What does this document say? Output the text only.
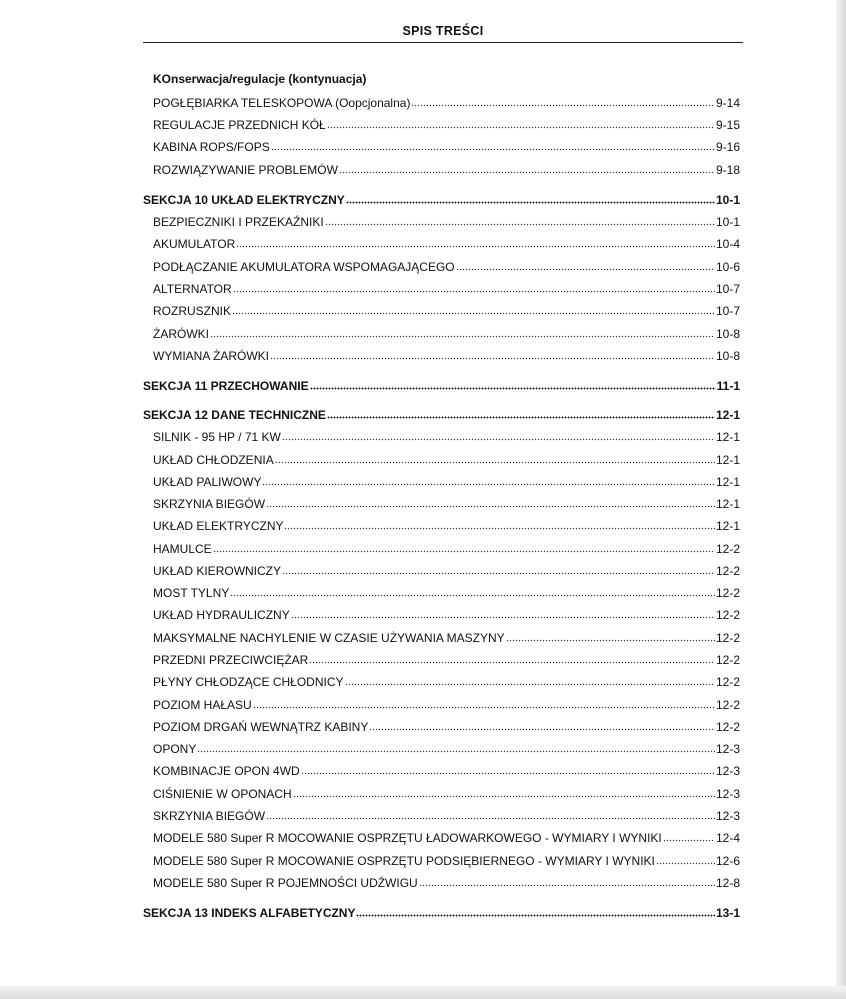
SPIS TREŚCI
KOnserwacja/regulacje (kontynuacja)
POGŁĘBIARKA TELESKOPOWA (Oopcjonalna)	9-14
REGULACJE PRZEDNICH KÓŁ	9-15
KABINA ROPS/FOPS	9-16
ROZWIĄZYWANIE PROBLEMÓW	9-18
SEKCJA 10 UKŁAD ELEKTRYCZNY	10-1
BEZPIECZNIKI I PRZEKAŹNIKI	10-1
AKUMULATOR	10-4
PODŁĄCZANIE AKUMULATORA WSPOMAGAJĄCEGO	10-6
ALTERNATOR	10-7
ROZRUSZNIK	10-7
ŻARÓWKI	10-8
WYMIANA ŻARÓWKI	10-8
SEKCJA 11 PRZECHOWANIE	11-1
SEKCJA 12 DANE TECHNICZNE	12-1
SILNIK - 95 HP / 71 KW	12-1
UKŁAD CHŁODZENIA	12-1
UKŁAD PALIWOWY	12-1
SKRZYNIA BIEGÓW	12-1
UKŁAD ELEKTRYCZNY	12-1
HAMULCE	12-2
UKŁAD KIEROWNICZY	12-2
MOST TYLNY	12-2
UKŁAD HYDRAULICZNY	12-2
MAKSYMALNE NACHYLENIE W CZASIE UŻYWANIA MASZYNY	12-2
PRZEDNI PRZECIWCIĘŻAR	12-2
PŁYNY CHŁODZĄCE CHŁODNICY	12-2
POZIOM HAŁASU	12-2
POZIOM DRGAŃ WEWNĄTRZ KABINY	12-2
OPONY	12-3
KOMBINACJE OPON 4WD	12-3
CIŚNIENIE W OPONACH	12-3
SKRZYNIA BIEGÓW	12-3
MODELE 580 Super R MOCOWANIE OSPRZĘTU ŁADOWARKOWEGO - WYMIARY I WYNIKI	12-4
MODELE 580 Super R MOCOWANIE OSPRZĘTU PODSIĘBIERNEGO - WYMIARY I WYNIKI	12-6
MODELE 580 Super R POJEMNOŚCI UDŹWIGU	12-8
SEKCJA 13 INDEKS ALFABETYCZNY	13-1
